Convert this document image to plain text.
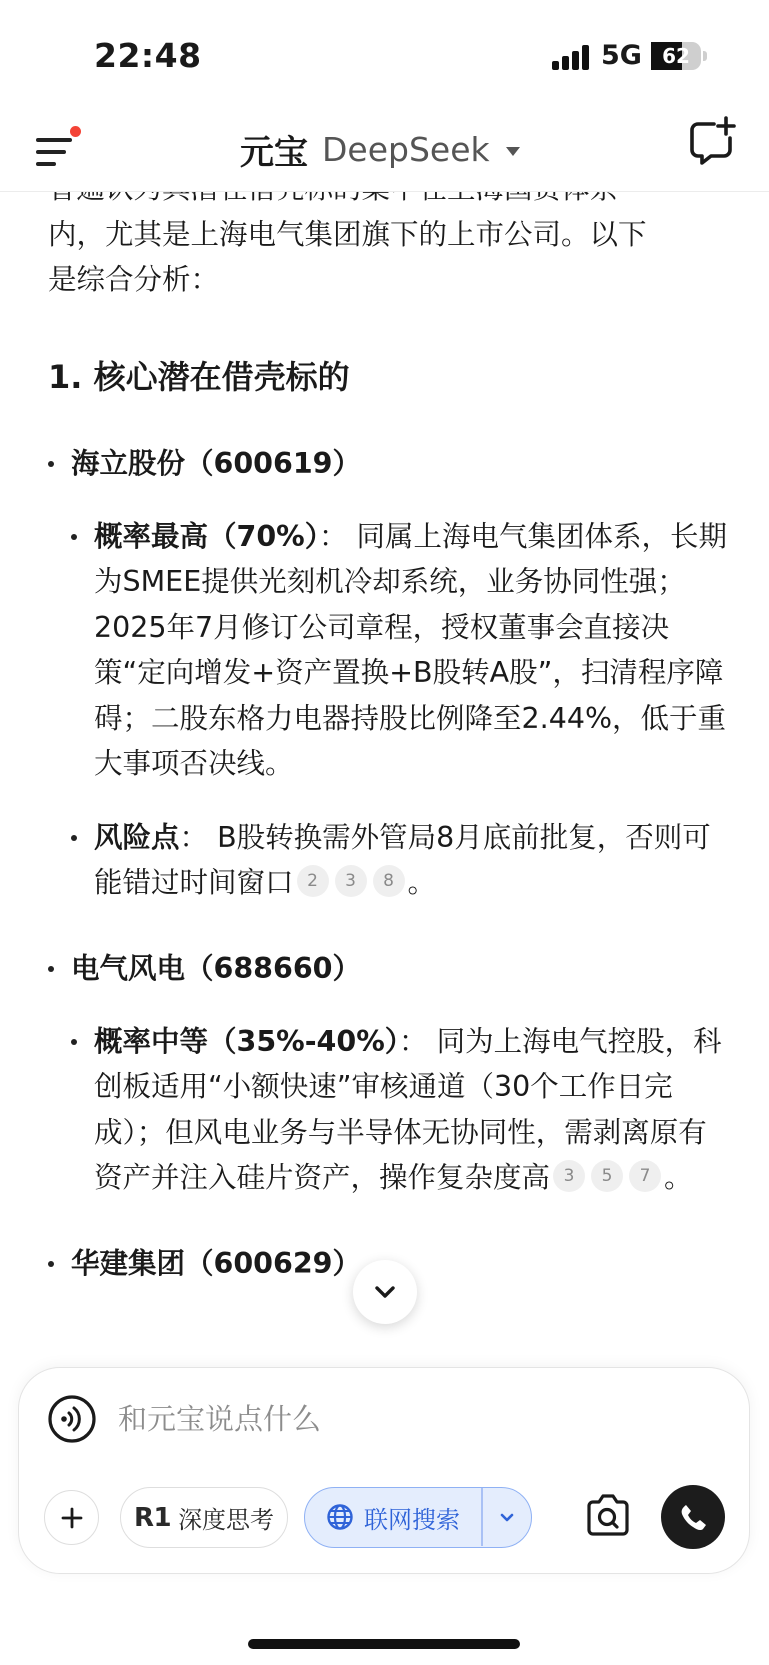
22:48	5G	62
元宝 DeepSeek
内，尤其是上海电气集团旗下的上市公司。以下
是综合分析：
1. 核心潜在借壳标的
海立股份（600619）
概率最高（70%）： 同属上海电气集团体系，长期为SMEE提供光刻机冷却系统，业务协同性强；2025年7月修订公司章程，授权董事会直接决策“定向增发+资产置换+B股转A股”，扫清程序障碍；二股东格力电器持股比例降至2.44%，低于重大事项否决线。
风险点： B股转换需外管局8月底前批复，否则可能错过时间窗口 2 3 8 。
电气风电（688660）
概率中等（35%-40%）： 同为上海电气控股，科创板适用“小额快速”审核通道（30个工作日完成）；但风电业务与半导体无协同性，需剥离原有资产并注入硅片资产，操作复杂度高 3 5 7 。
华建集团（600629）
和元宝说点什么
R1 深度思考	联网搜索
